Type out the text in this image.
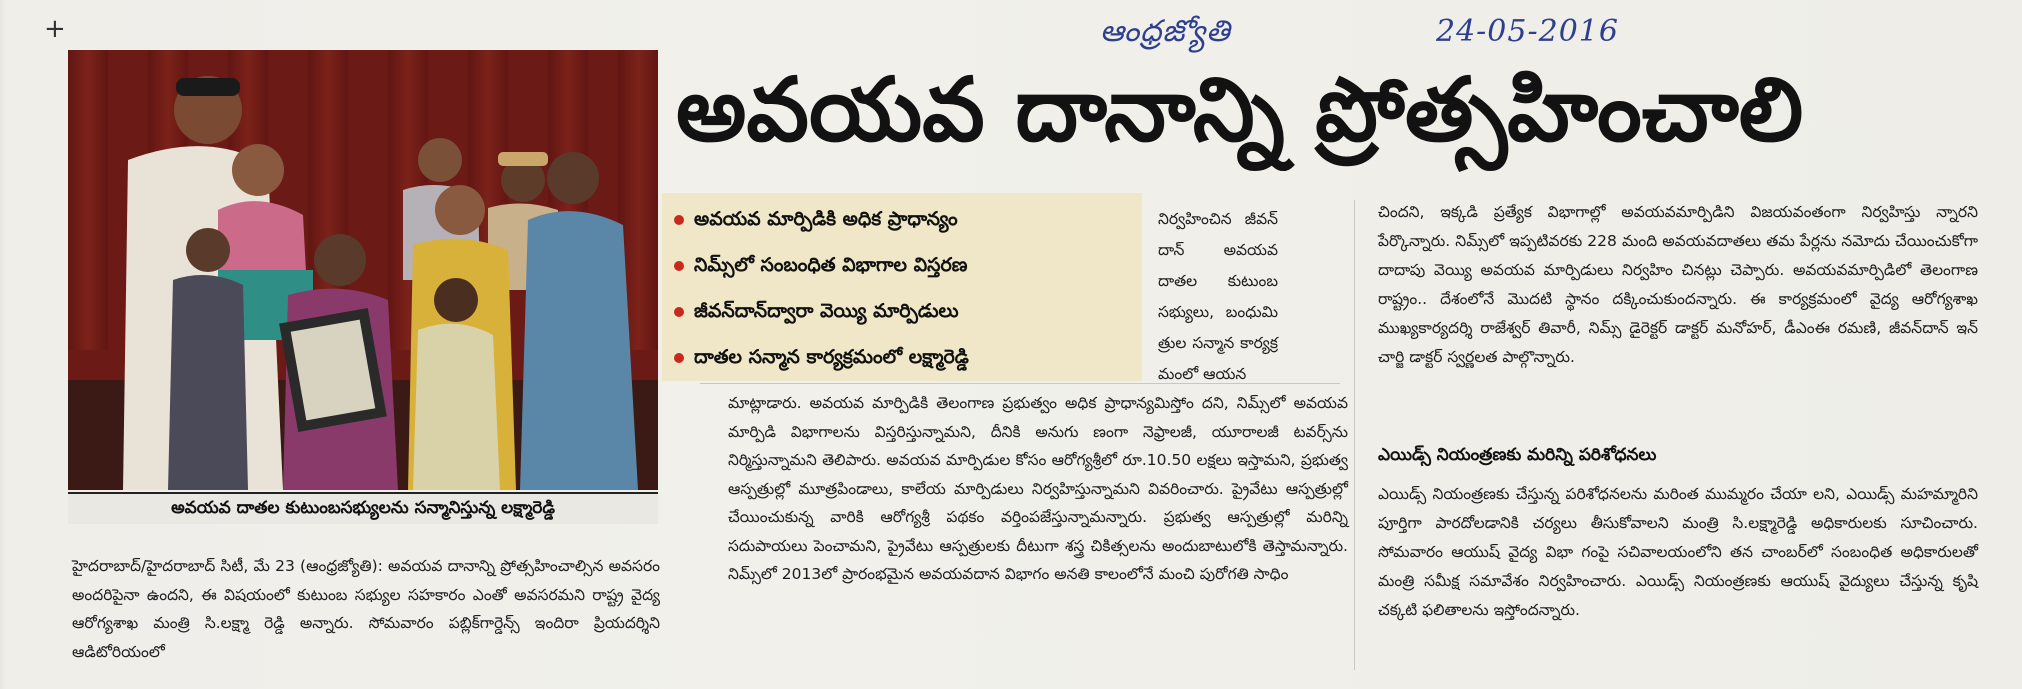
+	ఆంధ్రజ్యోతి	24-05-2016
అవయవ దాతల కుటుంబసభ్యులను సన్మానిస్తున్న లక్ష్మారెడ్డి
అవయవ దానాన్ని ప్రోత్సహించాలి
అవయవ మార్పిడికి అధిక ప్రాధాన్యం
నిమ్స్‌లో సంబంధిత విభాగాల విస్తరణ
జీవన్‌దాన్‌ద్వారా వెయ్యి మార్పిడులు
దాతల సన్మాన కార్యక్రమంలో లక్ష్మారెడ్డి

నిర్వహించిన జీవన్ దాన్ అవయవ దాతల కుటుంబ సభ్యులు, బంధుమి త్రుల సన్మాన కార్యక్ర మంలో ఆయన

మాట్లాడారు. అవయవ మార్పిడికి తెలంగాణ ప్రభుత్వం అధిక ప్రాధాన్యమిస్తోం దని, నిమ్స్‌లో అవయవ మార్పిడి విభాగాలను విస్తరిస్తున్నామని, దీనికి అనుగు ణంగా నెఫ్రాలజీ, యూరాలజీ టవర్స్‌ను నిర్మిస్తున్నామని తెలిపారు. అవయవ మార్పిడుల కోసం ఆరోగ్యశ్రీలో రూ.10.50 లక్షలు ఇస్తామని, ప్రభుత్వ ఆస్పత్రుల్లో మూత్రపిండాలు, కాలేయ మార్పిడులు నిర్వహిస్తున్నామని వివరించారు. ప్రైవేటు ఆస్పత్రుల్లో చేయించుకున్న వారికి ఆరోగ్యశ్రీ పథకం వర్తింపజేస్తున్నామన్నారు. ప్రభుత్వ ఆస్పత్రుల్లో మరిన్ని సదుపాయలు పెంచామని, ప్రైవేటు ఆస్పత్రులకు దీటుగా శస్త్ర చికిత్సలను అందుబాటులోకి తెస్తామన్నారు. నిమ్స్‌లో 2013లో ప్రారంభమైన అవయవదాన విభాగం అనతి కాలంలోనే మంచి పురోగతి సాధిం

హైదరాబాద్/హైదరాబాద్ సిటీ, మే 23 (ఆంధ్రజ్యోతి): అవయవ దానాన్ని ప్రోత్సహించాల్సిన అవసరం అందరిపైనా ఉందని, ఈ విషయంలో కుటుంబ సభ్యుల సహకారం ఎంతో అవసరమని రాష్ట్ర వైద్య ఆరోగ్యశాఖ మంత్రి సి.లక్ష్మా రెడ్డి అన్నారు. సోమవారం పబ్లిక్‌గార్డెన్స్ ఇందిరా ప్రియదర్శిని ఆడిటోరియంలో

చిందని, ఇక్కడి ప్రత్యేక విభాగాల్లో అవయవమార్పిడిని విజయవంతంగా నిర్వహిస్తు న్నారని పేర్కొన్నారు. నిమ్స్‌లో ఇప్పటివరకు 228 మంది అవయవదాతలు తమ పేర్లను నమోదు చేయించుకోగా దాదాపు వెయ్యి అవయవ మార్పిడులు నిర్వహిం చినట్లు చెప్పారు. అవయవమార్పిడిలో తెలంగాణ రాష్ట్రం.. దేశంలోనే మొదటి స్థానం దక్కించుకుందన్నారు. ఈ కార్యక్రమంలో వైద్య ఆరోగ్యశాఖ ముఖ్యకార్యదర్శి రాజేశ్వర్ తివారీ, నిమ్స్ డైరెక్టర్ డాక్టర్ మనోహర్, డీఎంఈ రమణి, జీవన్‌దాన్ ఇన్ చార్జి డాక్టర్ స్వర్ణలత పాల్గొన్నారు.

ఎయిడ్స్ నియంత్రణకు మరిన్ని పరిశోధనలు

ఎయిడ్స్ నియంత్రణకు చేస్తున్న పరిశోధనలను మరింత ముమ్మరం చేయా లని, ఎయిడ్స్ మహమ్మారిని పూర్తిగా పారదోలడానికి చర్యలు తీసుకోవాలని మంత్రి సి.లక్ష్మారెడ్డి అధికారులకు సూచించారు. సోమవారం ఆయుష్ వైద్య విభా గంపై సచివాలయంలోని తన చాంబర్‌లో సంబంధిత అధికారులతో మంత్రి సమీక్ష సమావేశం నిర్వహించారు. ఎయిడ్స్ నియంత్రణకు ఆయుష్ వైద్యులు చేస్తున్న కృషి చక్కటి ఫలితాలను ఇస్తోందన్నారు.
